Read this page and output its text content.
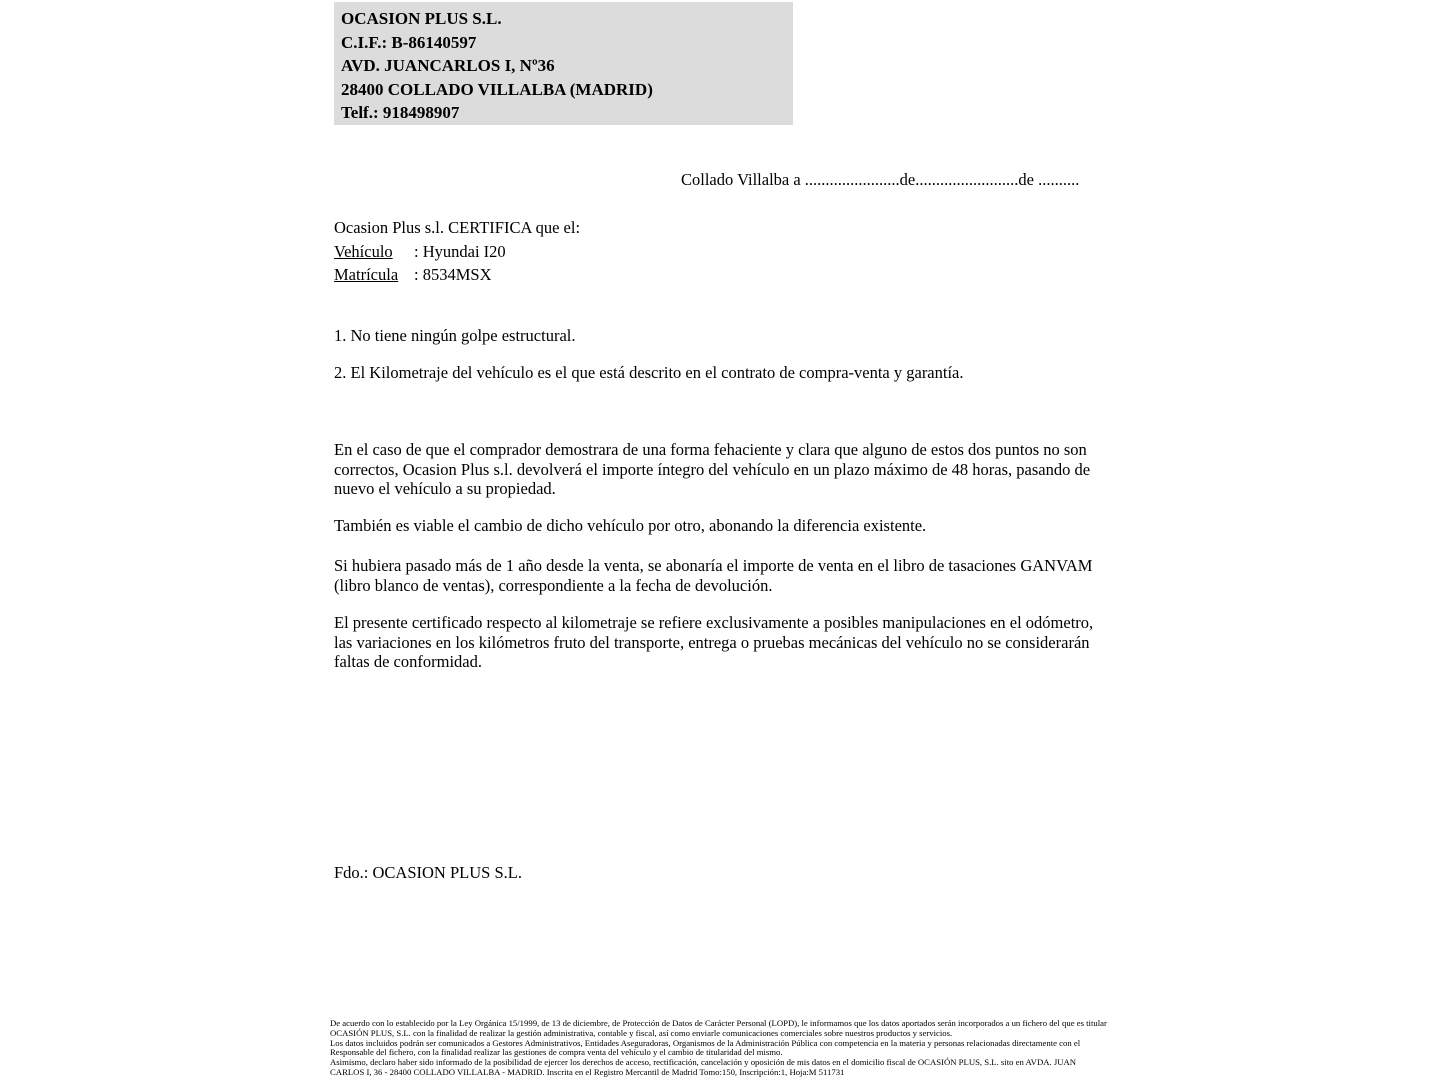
OCASION PLUS S.L.
C.I.F.: B-86140597
AVD. JUANCARLOS I, Nº36
28400 COLLADO VILLALBA (MADRID)
Telf.: 918498907
Collado Villalba a .......................de.........................de ..........
Ocasion Plus s.l. CERTIFICA que el:
Vehículo : Hyundai I20
Matrícula : 8534MSX
1. No tiene ningún golpe estructural.
2. El Kilometraje del vehículo es el que está descrito en el contrato de compra-venta y garantía.
En el caso de que el comprador demostrara de una forma fehaciente y clara que alguno de estos dos puntos no son correctos, Ocasion Plus s.l. devolverá el importe íntegro del vehículo en un plazo máximo de 48 horas, pasando de nuevo el vehículo a su propiedad.
También es viable el cambio de dicho vehículo por otro, abonando la diferencia existente.
Si hubiera pasado más de 1 año desde la venta, se abonaría el importe de venta en el libro de tasaciones GANVAM (libro blanco de ventas), correspondiente a la fecha de devolución.
El presente certificado respecto al kilometraje se refiere exclusivamente a posibles manipulaciones en el odómetro, las variaciones en los kilómetros fruto del transporte, entrega o pruebas mecánicas del vehículo no se considerarán faltas de conformidad.
Fdo.: OCASION PLUS S.L.
De acuerdo con lo establecido por la Ley Orgánica 15/1999, de 13 de diciembre, de Protección de Datos de Carácter Personal (LOPD), le informamos que los datos aportados serán incorporados a un fichero del que es titular
OCASIÓN PLUS, S.L. con la finalidad de realizar la gestión administrativa, contable y fiscal, así como enviarle comunicaciones comerciales sobre nuestros productos y servicios.
Los datos incluidos podrán ser comunicados a Gestores Administrativos, Entidades Aseguradoras, Organismos de la Administración Pública con competencia en la materia y personas relacionadas directamente con el
Responsable del fichero, con la finalidad realizar las gestiones de compra venta del vehículo y el cambio de titularidad del mismo.
Asimismo, declaro haber sido informado de la posibilidad de ejercer los derechos de acceso, rectificación, cancelación y oposición de mis datos en el domicilio fiscal de OCASIÓN PLUS, S.L. sito en AVDA. JUAN
CARLOS I, 36 - 28400 COLLADO VILLALBA - MADRID. Inscrita en el Registro Mercantil de Madrid Tomo:150, Inscripción:1, Hoja:M 511731
